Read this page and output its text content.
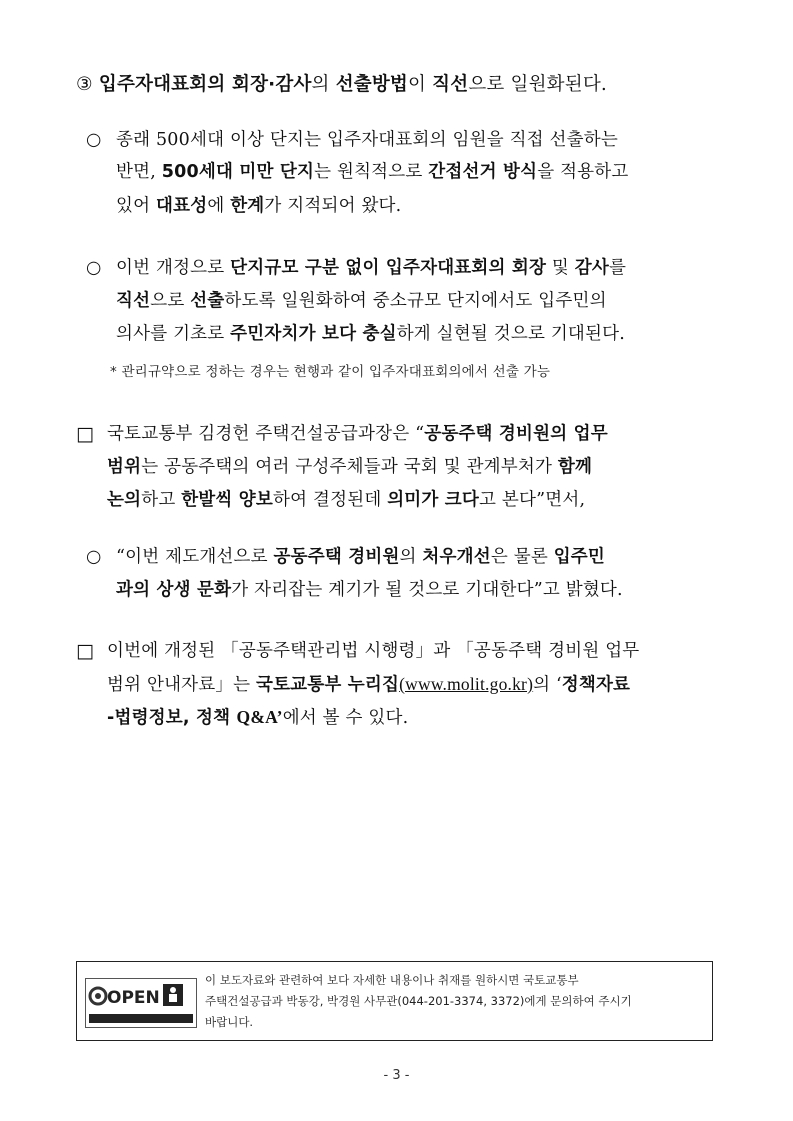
③ 입주자대표회의 회장·감사의 선출방법이 직선으로 일원화된다.
○ 종래 500세대 이상 단지는 입주자대표회의 임원을 직접 선출하는
반면, 500세대 미만 단지는 원칙적으로 간접선거 방식을 적용하고
있어 대표성에 한계가 지적되어 왔다.
○ 이번 개정으로 단지규모 구분 없이 입주자대표회의 회장 및 감사를
직선으로 선출하도록 일원화하여 중소규모 단지에서도 입주민의
의사를 기초로 주민자치가 보다 충실하게 실현될 것으로 기대된다.
* 관리규약으로 정하는 경우는 현행과 같이 입주자대표회의에서 선출 가능
□ 국토교통부 김경헌 주택건설공급과장은 “공동주택 경비원의 업무
범위는 공동주택의 여러 구성주체들과 국회 및 관계부처가 함께
논의하고 한발씩 양보하여 결정된데 의미가 크다고 본다”면서,
○ “이번 제도개선으로 공동주택 경비원의 처우개선은 물론 입주민
과의 상생 문화가 자리잡는 계기가 될 것으로 기대한다”고 밝혔다.
□ 이번에 개정된 「공동주택관리법 시행령」과 「공동주택 경비원 업무
범위 안내자료」는 국토교통부 누리집(www.molit.go.kr)의 ‘정책자료
-법령정보, 정책 Q&A’에서 볼 수 있다.
OPEN
이 보도자료와 관련하여 보다 자세한 내용이나 취재를 원하시면 국토교통부
주택건설공급과 박동강, 박경원 사무관(044-201-3374, 3372)에게 문의하여 주시기
바랍니다.
- 3 -
